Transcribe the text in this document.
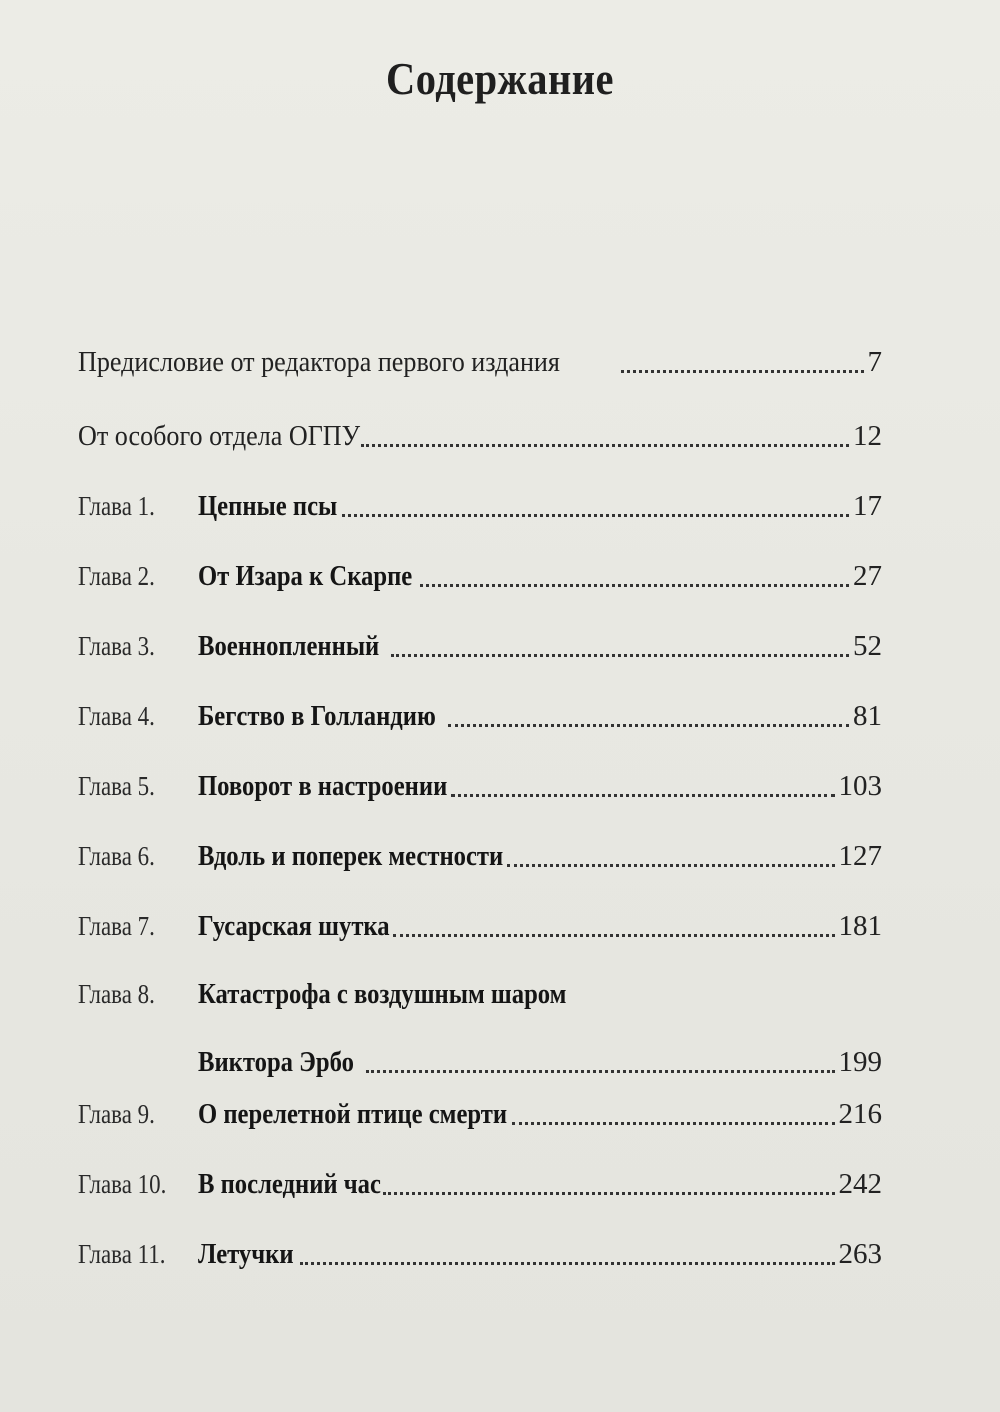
Содержание
Предисловие от редактора первого издания	7
От особого отдела ОГПУ	12
Глава 1.	Цепные псы	17
Глава 2.	От Изара к Скарпе	27
Глава 3.	Военнопленный	52
Глава 4.	Бегство в Голландию	81
Глава 5.	Поворот в настроении	103
Глава 6.	Вдоль и поперек местности	127
Глава 7.	Гусарская шутка	181
Глава 8.	Катастрофа с воздушным шаром
Виктора Эрбо	199
Глава 9.	О перелетной птице смерти	216
Глава 10.	В последний час	242
Глава 11.	Летучки	263
